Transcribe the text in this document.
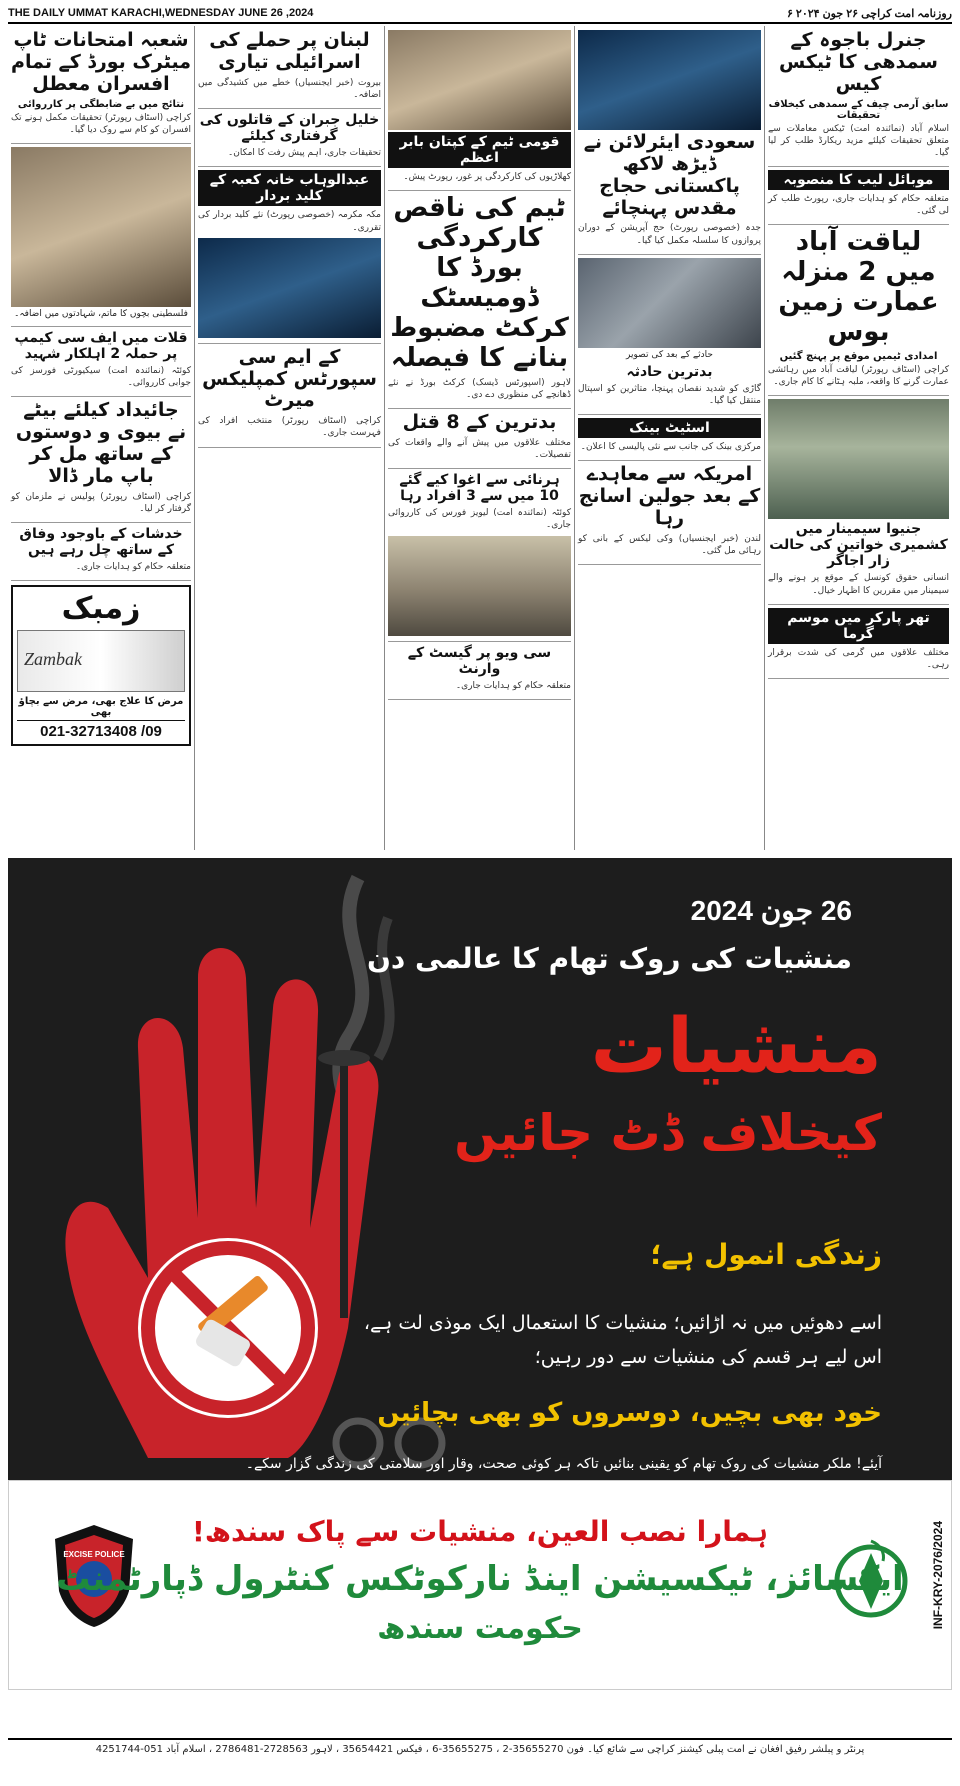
THE DAILY UMMAT KARACHI,WEDNESDAY JUNE 26 ,2024	۶ روزنامہ امت کراچی ۲۶ جون ۲۰۲۴
جنرل باجوہ کے سمدھی کا ٹیکس کیس
سابق آرمی چیف کے سمدھی کیخلاف تحقیقات
اسلام آباد (نمائندہ امت) ٹیکس معاملات سے متعلق تحقیقات کیلئے مزید ریکارڈ طلب کر لیا گیا۔
موبائل لیب کا منصوبہ
متعلقہ حکام کو ہدایات جاری، رپورٹ طلب کر لی گئی۔
لیاقت آباد میں 2 منزلہ عمارت زمین بوس
امدادی ٹیمیں موقع پر پہنچ گئیں
کراچی (اسٹاف رپورٹر) لیاقت آباد میں رہائشی عمارت گرنے کا واقعہ، ملبہ ہٹانے کا کام جاری۔
جنیوا سیمینار میں کشمیری خواتین کی حالت زار اجاگر
انسانی حقوق کونسل کے موقع پر ہونے والے سیمینار میں مقررین کا اظہار خیال۔
تھر پارکر میں موسم گرما
مختلف علاقوں میں گرمی کی شدت برقرار رہی۔
سعودی ایئرلائن نے ڈیڑھ لاکھ پاکستانی حجاج مقدس پہنچائے
جدہ (خصوصی رپورٹ) حج آپریشن کے دوران پروازوں کا سلسلہ مکمل کیا گیا۔
حادثے کے بعد کی تصویر
بدترین حادثہ
گاڑی کو شدید نقصان پہنچا، متاثرین کو اسپتال منتقل کیا گیا۔
اسٹیٹ بینک
مرکزی بینک کی جانب سے نئی پالیسی کا اعلان۔
امریکہ سے معاہدے کے بعد جولین اسانج رہا
لندن (خبر ایجنسیاں) وکی لیکس کے بانی کو رہائی مل گئی۔
قومی ٹیم کے کپتان بابر اعظم
کھلاڑیوں کی کارکردگی پر غور، رپورٹ پیش۔
ٹیم کی ناقص کارکردگی بورڈ کا ڈومیسٹک کرکٹ مضبوط بنانے کا فیصلہ
لاہور (اسپورٹس ڈیسک) کرکٹ بورڈ نے نئے ڈھانچے کی منظوری دے دی۔
بدترین کے 8 قتل
مختلف علاقوں میں پیش آنے والے واقعات کی تفصیلات۔
ہرنائی سے اغوا کیے گئے 10 میں سے 3 افراد رہا
کوئٹہ (نمائندہ امت) لیویز فورس کی کارروائی جاری۔
سی ویو پر گیسٹ کے وارنٹ
متعلقہ حکام کو ہدایات جاری۔
لبنان پر حملے کی اسرائیلی تیاری
بیروت (خبر ایجنسیاں) خطے میں کشیدگی میں اضافہ۔
خلیل جبران کے قاتلوں کی گرفتاری کیلئے
تحقیقات جاری، اہم پیش رفت کا امکان۔
عبدالوہاب خانہ کعبہ کے کلید بردار
مکہ مکرمہ (خصوصی رپورٹ) نئے کلید بردار کی تقرری۔
کے ایم سی سپورٹس کمپلیکس میرٹ
کراچی (اسٹاف رپورٹر) منتخب افراد کی فہرست جاری۔
شعبہ امتحانات ٹاپ میٹرک بورڈ کے تمام افسران معطل
نتائج میں بے ضابطگی پر کارروائی
کراچی (اسٹاف رپورٹر) تحقیقات مکمل ہونے تک افسران کو کام سے روک دیا گیا۔
فلسطینی بچوں کا ماتم، شہادتوں میں اضافہ۔
قلات میں ایف سی کیمپ پر حملہ 2 اہلکار شہید
کوئٹہ (نمائندہ امت) سیکیورٹی فورسز کی جوابی کارروائی۔
جائیداد کیلئے بیٹے نے بیوی و دوستوں کے ساتھ مل کر باپ مار ڈالا
کراچی (اسٹاف رپورٹر) پولیس نے ملزمان کو گرفتار کر لیا۔
خدشات کے باوجود وفاق کے ساتھ چل رہے ہیں
متعلقہ حکام کو ہدایات جاری۔
زمبک
Zambak
مرض کا علاج بھی، مرض سے بچاؤ بھی
021-32713408 /09
26 جون 2024
منشیات کی روک تھام کا عالمی دن
منشیات
کیخلاف ڈٹ جائیں
زندگی انمول ہے؛
اسے دھوئیں میں نہ اڑائیں؛ منشیات کا استعمال ایک موذی لت ہے،
اس لیے ہر قسم کی منشیات سے دور رہیں؛
خود بھی بچیں، دوسروں کو بھی بچائیں
آیئے! ملکر منشیات کی روک تھام کو یقینی بنائیں تاکہ ہر کوئی صحت، وقار اور سلامتی کی زندگی گزار سکے۔
EXCISE POLICE
ہمارا نصب العین، منشیات سے پاک سندھ!
ایکسائز، ٹیکسیشن اینڈ نارکوٹکس کنٹرول ڈپارٹمنٹ
حکومت سندھ	INF-KRY-2076/2024
پرنٹر و پبلشر رفیق افغان نے امت پبلی کیشنز کراچی سے شائع کیا۔ فون 35655270-2 ، 35655275-6 ، فیکس 35654421 ، لاہور 2728563-2786481 ، اسلام آباد 051-4251744
